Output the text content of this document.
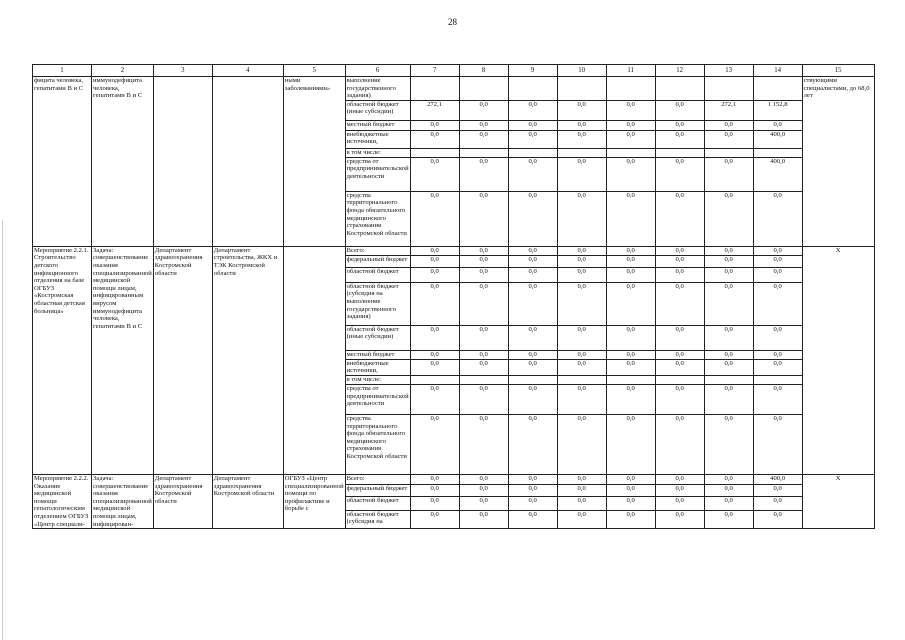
28
1	2	3	4	5	6	7	8	9	10	11	12	13	14	15
фицита человека, гепатитами В и С	иммунодефицита человека, гепатитами В и С			ными заболеваниями»	выполнение государственного задания)									ствующими специалистами, до 68,0 лет
					областной бюджет (иные субсидии)	272,1	0,0	0,0	0,0	0,0	0,0	272,1	1 152,8	
					местный бюджет	0,0	0,0	0,0	0,0	0,0	0,0	0,0	0,0	
					внебюджетные источники,	0,0	0,0	0,0	0,0	0,0	0,0	0,0	400,0	
					в том числе:									
					средства от предпринимательской деятельности	0,0	0,0	0,0	0,0	0,0	0,0	0,0	400,0	
					средства территориального фонда обязательного медицинского страхования Костромской области	0,0	0,0	0,0	0,0	0,0	0,0	0,0	0,0	
Мероприятие 2.2.1. Строительство детского инфекционного отделения на базе ОГБУЗ «Костромская областная детская больница»	Задача: совершенствование оказания специализированной медицинской помощи лицам, инфицированным вирусом иммунодефицита человека, гепатитами В и С	Департамент здравоохранения Костромской области	Департамент строительства, ЖКХ и ТЭК Костромской области		Всего:	0,0	0,0	0,0	0,0	0,0	0,0	0,0	0,0	X
					федеральный бюджет	0,0	0,0	0,0	0,0	0,0	0,0	0,0	0,0	
					областной бюджет	0,0	0,0	0,0	0,0	0,0	0,0	0,0	0,0	
					областной бюджет (субсидия на выполнение государственного задания)	0,0	0,0	0,0	0,0	0,0	0,0	0,0	0,0	
					областной бюджет (иные субсидии)	0,0	0,0	0,0	0,0	0,0	0,0	0,0	0,0	
					местный бюджет	0,0	0,0	0,0	0,0	0,0	0,0	0,0	0,0	
					внебюджетные источники,	0,0	0,0	0,0	0,0	0,0	0,0	0,0	0,0	
					в том числе:									
					средства от предпринимательской деятельности	0,0	0,0	0,0	0,0	0,0	0,0	0,0	0,0	
					средства территориального фонда обязательного медицинского страхования Костромской области	0,0	0,0	0,0	0,0	0,0	0,0	0,0	0,0	
Мероприятие 2.2.2. Оказание медицинской помощи гепатологическим отделением ОГБУЗ «Центр специали-	Задача: совершенствование оказания специализированной медицинской помощи лицам, инфицирован-	Департамент здравоохранения Костромской области	Департамент здравоохранения Костромской области	ОГБУЗ «Центр специализированной помощи по профилактике и борьбе с	Всего:	0,0	0,0	0,0	0,0	0,0	0,0	0,0	400,0	X
					федеральный бюджет	0,0	0,0	0,0	0,0	0,0	0,0	0,0	0,0	
					областной бюджет	0,0	0,0	0,0	0,0	0,0	0,0	0,0	0,0	
					областной бюджет (субсидия на	0,0	0,0	0,0	0,0	0,0	0,0	0,0	0,0	
